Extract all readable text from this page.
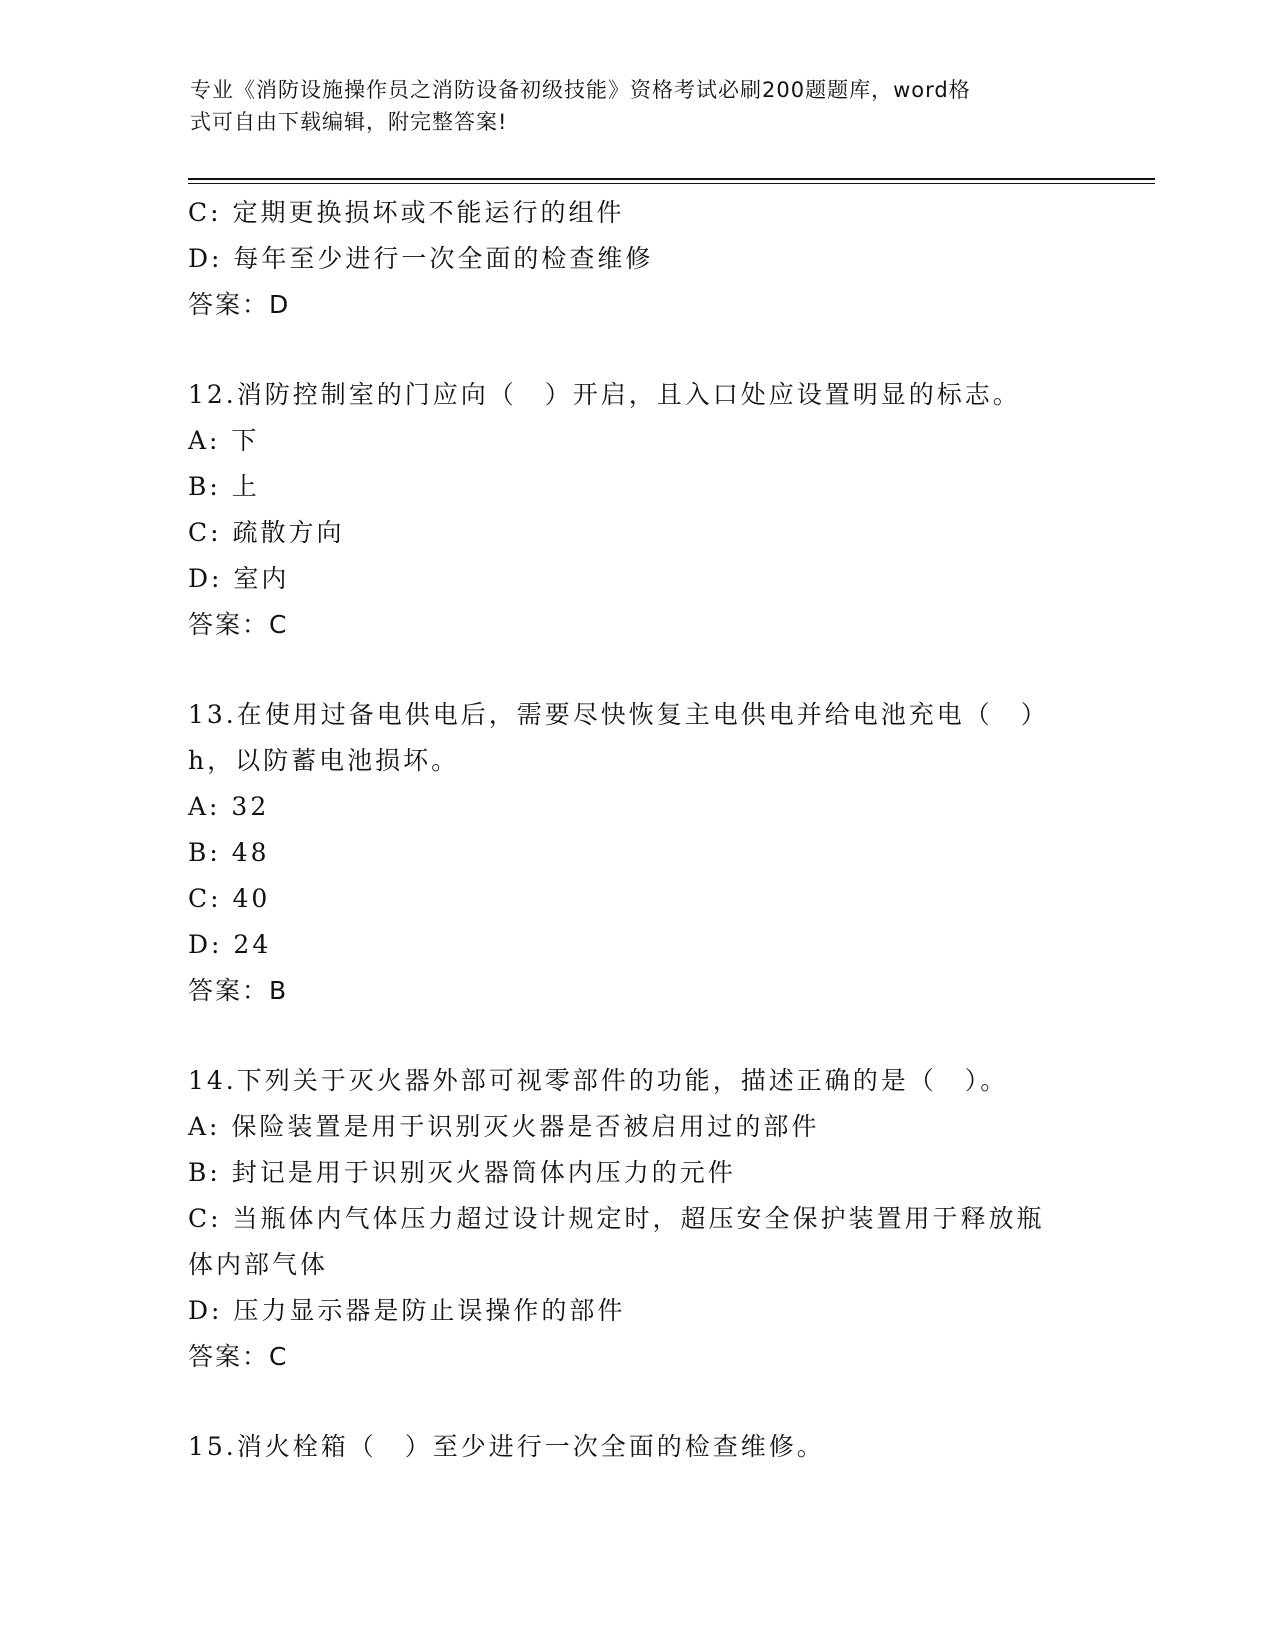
专业《消防设施操作员之消防设备初级技能》资格考试必刷200题题库，word格
式可自由下载编辑，附完整答案!
C: 定期更换损坏或不能运行的组件
D: 每年至少进行一次全面的检查维修
答案：D
12.消防控制室的门应向（　）开启，且入口处应设置明显的标志。
A: 下
B: 上
C: 疏散方向
D: 室内
答案：C
13.在使用过备电供电后，需要尽快恢复主电供电并给电池充电（　）
h，以防蓄电池损坏。
A: 32
B: 48
C: 40
D: 24
答案：B
14.下列关于灭火器外部可视零部件的功能，描述正确的是（　）。
A: 保险装置是用于识别灭火器是否被启用过的部件
B: 封记是用于识别灭火器筒体内压力的元件
C: 当瓶体内气体压力超过设计规定时，超压安全保护装置用于释放瓶
体内部气体
D: 压力显示器是防止误操作的部件
答案：C
15.消火栓箱（　）至少进行一次全面的检查维修。
